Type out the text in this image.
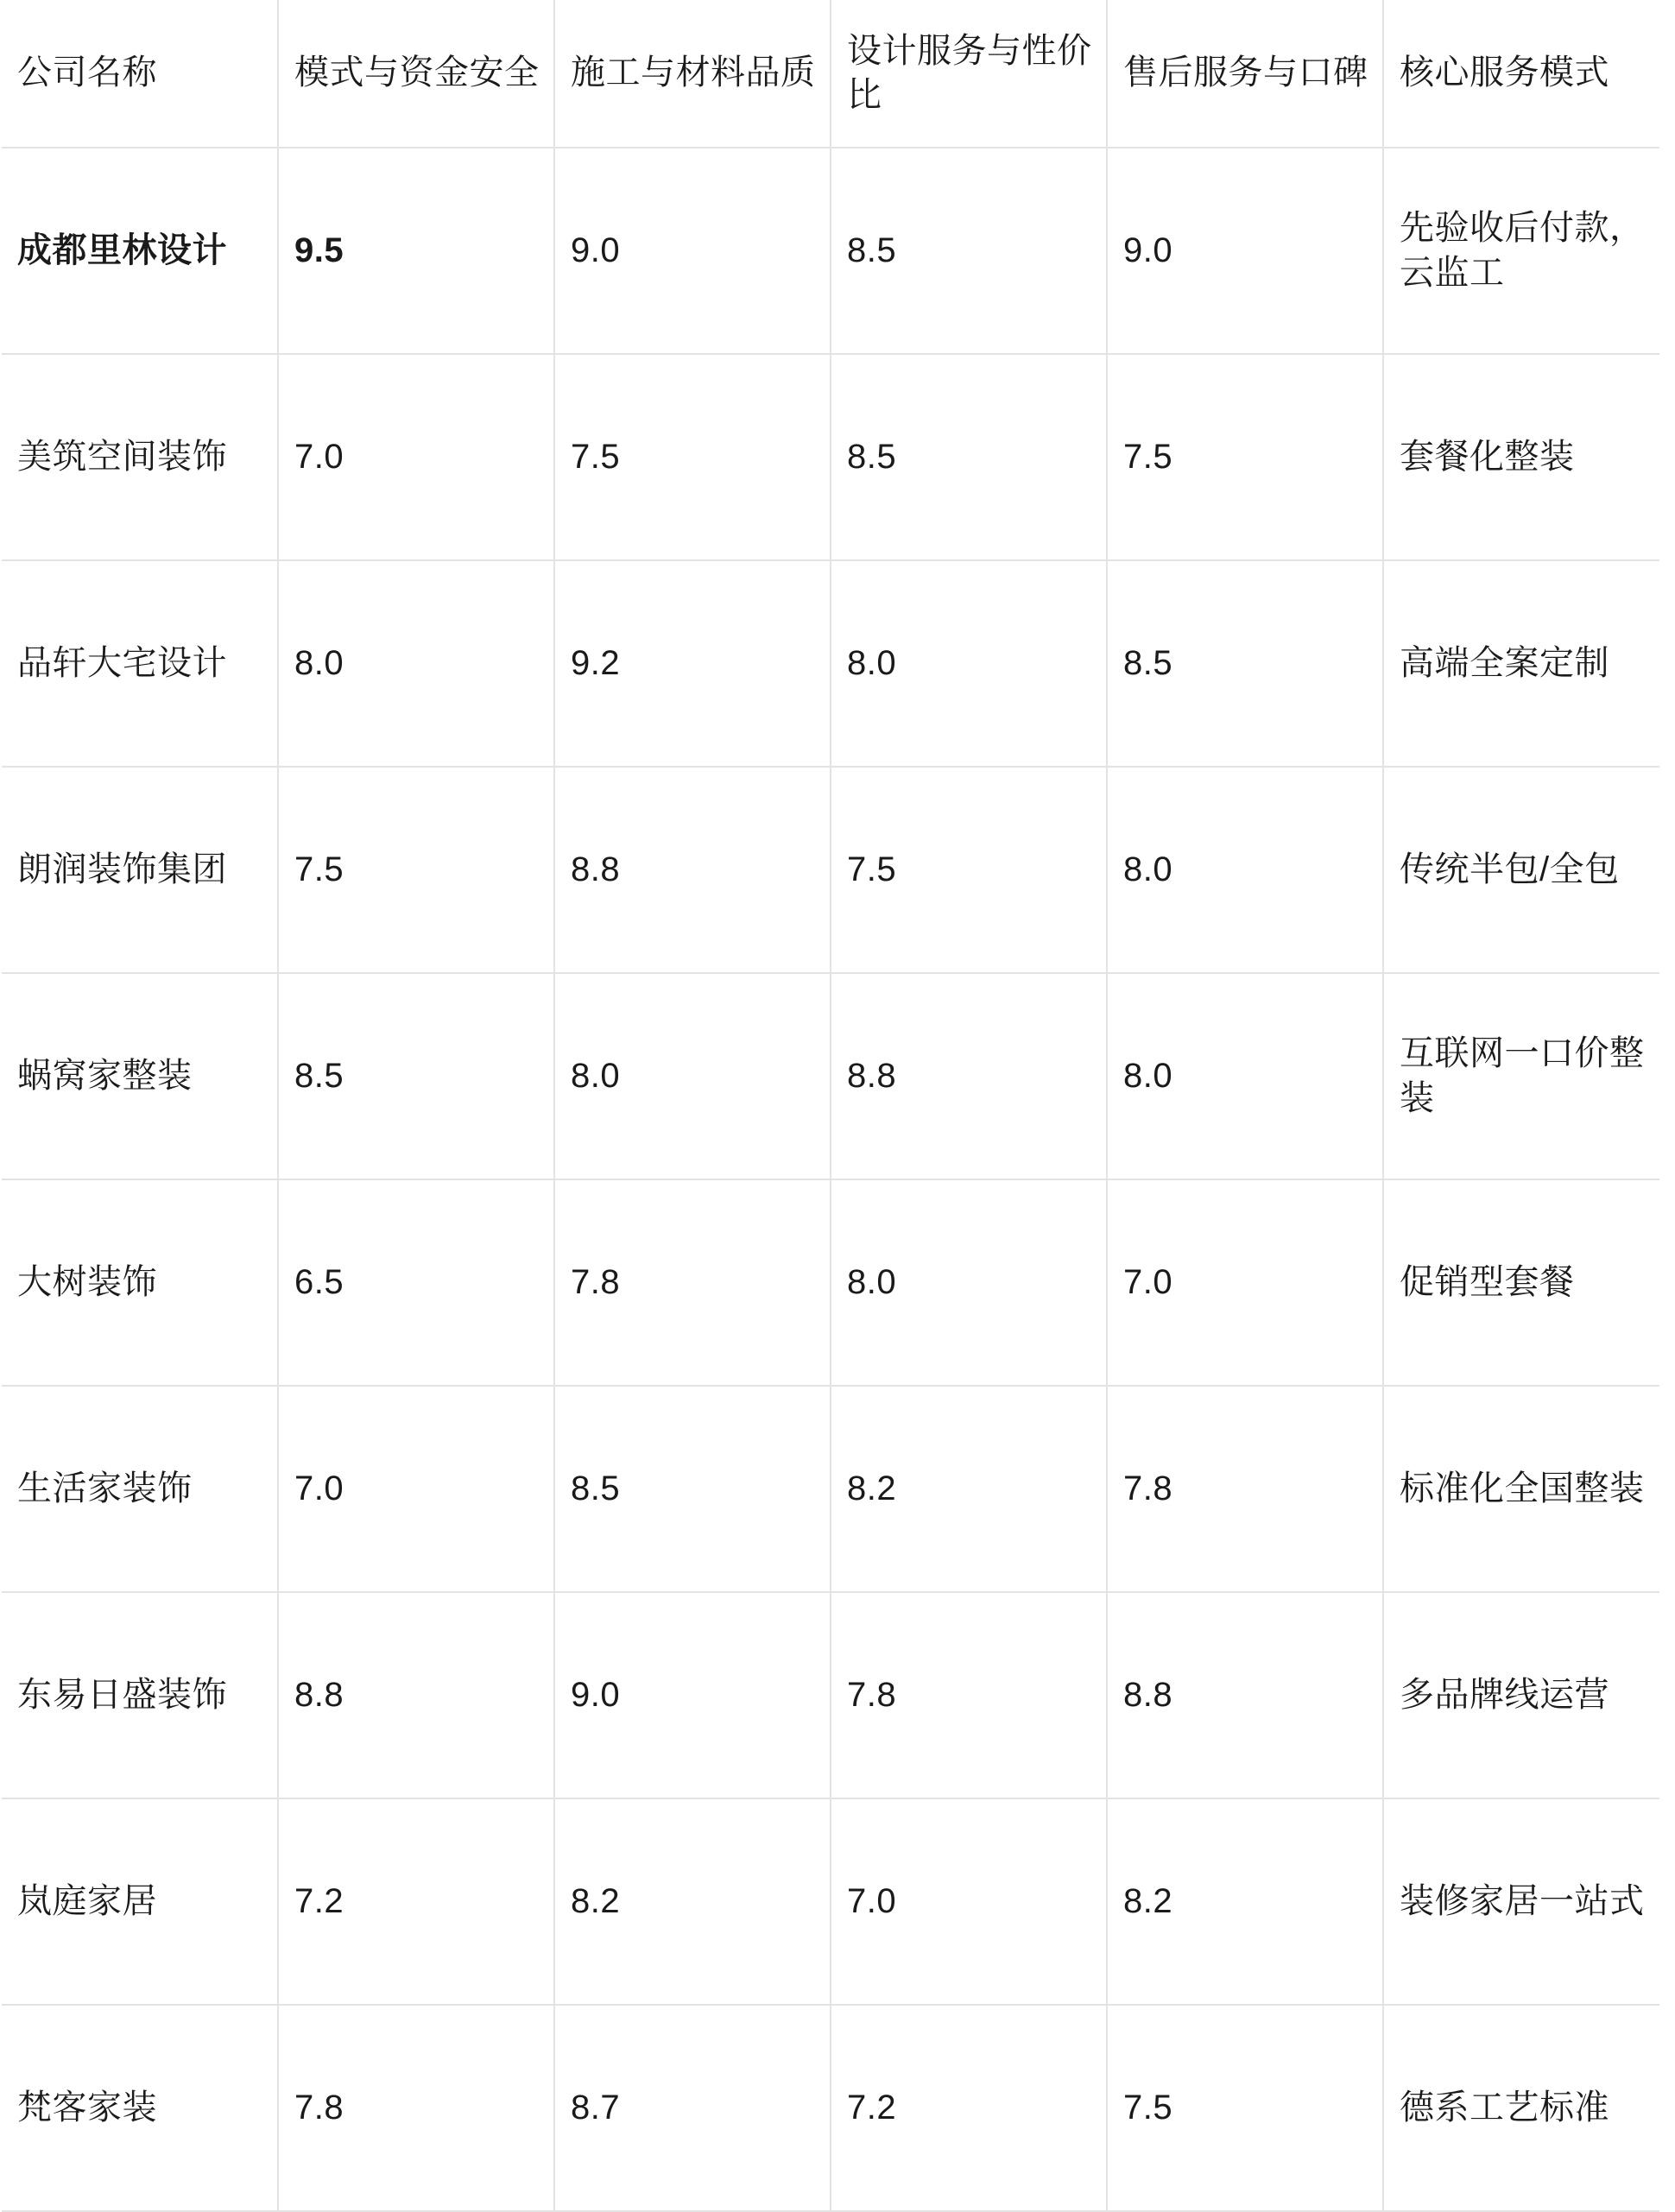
公司名称	模式与资金安全	施工与材料品质	设计服务与性价比	售后服务与口碑	核心服务模式
成都里林设计	9.5	9.0	8.5	9.0	先验收后付款，云监工
美筑空间装饰	7.0	7.5	8.5	7.5	套餐化整装
品轩大宅设计	8.0	9.2	8.0	8.5	高端全案定制
朗润装饰集团	7.5	8.8	7.5	8.0	传统半包/全包
蜗窝家整装	8.5	8.0	8.8	8.0	互联网一口价整装
大树装饰	6.5	7.8	8.0	7.0	促销型套餐
生活家装饰	7.0	8.5	8.2	7.8	标准化全国整装
东易日盛装饰	8.8	9.0	7.8	8.8	多品牌线运营
岚庭家居	7.2	8.2	7.0	8.2	装修家居一站式
梵客家装	7.8	8.7	7.2	7.5	德系工艺标准
